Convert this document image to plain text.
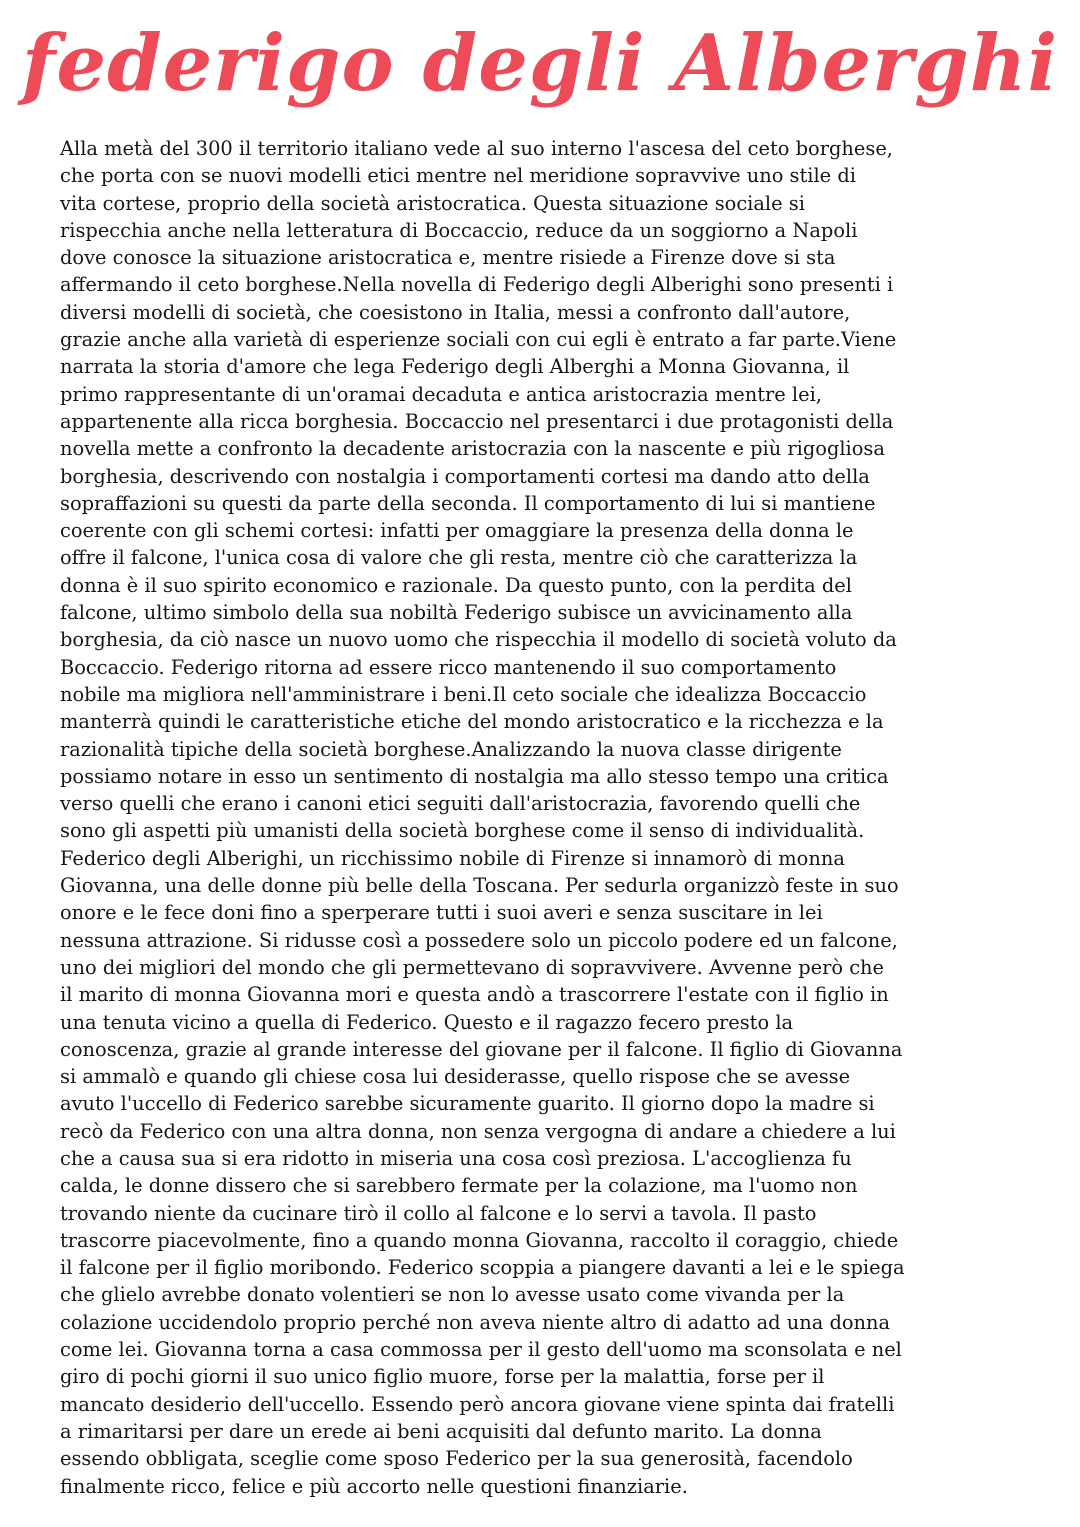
federigo degli Alberghi
Alla metà del 300 il territorio italiano vede al suo interno l'ascesa del ceto borghese,
che porta con se nuovi modelli etici mentre nel meridione sopravvive uno stile di
vita cortese, proprio della società aristocratica. Questa situazione sociale si
rispecchia anche nella letteratura di Boccaccio, reduce da un soggiorno a Napoli
dove conosce la situazione aristocratica e, mentre risiede a Firenze dove si sta
affermando il ceto borghese.Nella novella di Federigo degli Alberighi sono presenti i
diversi modelli di società, che coesistono in Italia, messi a confronto dall'autore,
grazie anche alla varietà di esperienze sociali con cui egli è entrato a far parte.Viene
narrata la storia d'amore che lega Federigo degli Alberghi a Monna Giovanna, il
primo rappresentante di un'oramai decaduta e antica aristocrazia mentre lei,
appartenente alla ricca borghesia. Boccaccio nel presentarci i due protagonisti della
novella mette a confronto la decadente aristocrazia con la nascente e più rigogliosa
borghesia, descrivendo con nostalgia i comportamenti cortesi ma dando atto della
sopraffazioni su questi da parte della seconda. Il comportamento di lui si mantiene
coerente con gli schemi cortesi: infatti per omaggiare la presenza della donna le
offre il falcone, l'unica cosa di valore che gli resta, mentre ciò che caratterizza la
donna è il suo spirito economico e razionale. Da questo punto, con la perdita del
falcone, ultimo simbolo della sua nobiltà Federigo subisce un avvicinamento alla
borghesia, da ciò nasce un nuovo uomo che rispecchia il modello di società voluto da
Boccaccio. Federigo ritorna ad essere ricco mantenendo il suo comportamento
nobile ma migliora nell'amministrare i beni.Il ceto sociale che idealizza Boccaccio
manterrà quindi le caratteristiche etiche del mondo aristocratico e la ricchezza e la
razionalità tipiche della società borghese.Analizzando la nuova classe dirigente
possiamo notare in esso un sentimento di nostalgia ma allo stesso tempo una critica
verso quelli che erano i canoni etici seguiti dall'aristocrazia, favorendo quelli che
sono gli aspetti più umanisti della società borghese come il senso di individualità.
Federico degli Alberighi, un ricchissimo nobile di Firenze si innamorò di monna
Giovanna, una delle donne più belle della Toscana. Per sedurla organizzò feste in suo
onore e le fece doni fino a sperperare tutti i suoi averi e senza suscitare in lei
nessuna attrazione. Si ridusse così a possedere solo un piccolo podere ed un falcone,
uno dei migliori del mondo che gli permettevano di sopravvivere. Avvenne però che
il marito di monna Giovanna mori e questa andò a trascorrere l'estate con il figlio in
una tenuta vicino a quella di Federico. Questo e il ragazzo fecero presto la
conoscenza, grazie al grande interesse del giovane per il falcone. Il figlio di Giovanna
si ammalò e quando gli chiese cosa lui desiderasse, quello rispose che se avesse
avuto l'uccello di Federico sarebbe sicuramente guarito. Il giorno dopo la madre si
recò da Federico con una altra donna, non senza vergogna di andare a chiedere a lui
che a causa sua si era ridotto in miseria una cosa così preziosa. L'accoglienza fu
calda, le donne dissero che si sarebbero fermate per la colazione, ma l'uomo non
trovando niente da cucinare tirò il collo al falcone e lo servi a tavola. Il pasto
trascorre piacevolmente, fino a quando monna Giovanna, raccolto il coraggio, chiede
il falcone per il figlio moribondo. Federico scoppia a piangere davanti a lei e le spiega
che glielo avrebbe donato volentieri se non lo avesse usato come vivanda per la
colazione uccidendolo proprio perché non aveva niente altro di adatto ad una donna
come lei. Giovanna torna a casa commossa per il gesto dell'uomo ma sconsolata e nel
giro di pochi giorni il suo unico figlio muore, forse per la malattia, forse per il
mancato desiderio dell'uccello. Essendo però ancora giovane viene spinta dai fratelli
a rimaritarsi per dare un erede ai beni acquisiti dal defunto marito. La donna
essendo obbligata, sceglie come sposo Federico per la sua generosità, facendolo
finalmente ricco, felice e più accorto nelle questioni finanziarie.
